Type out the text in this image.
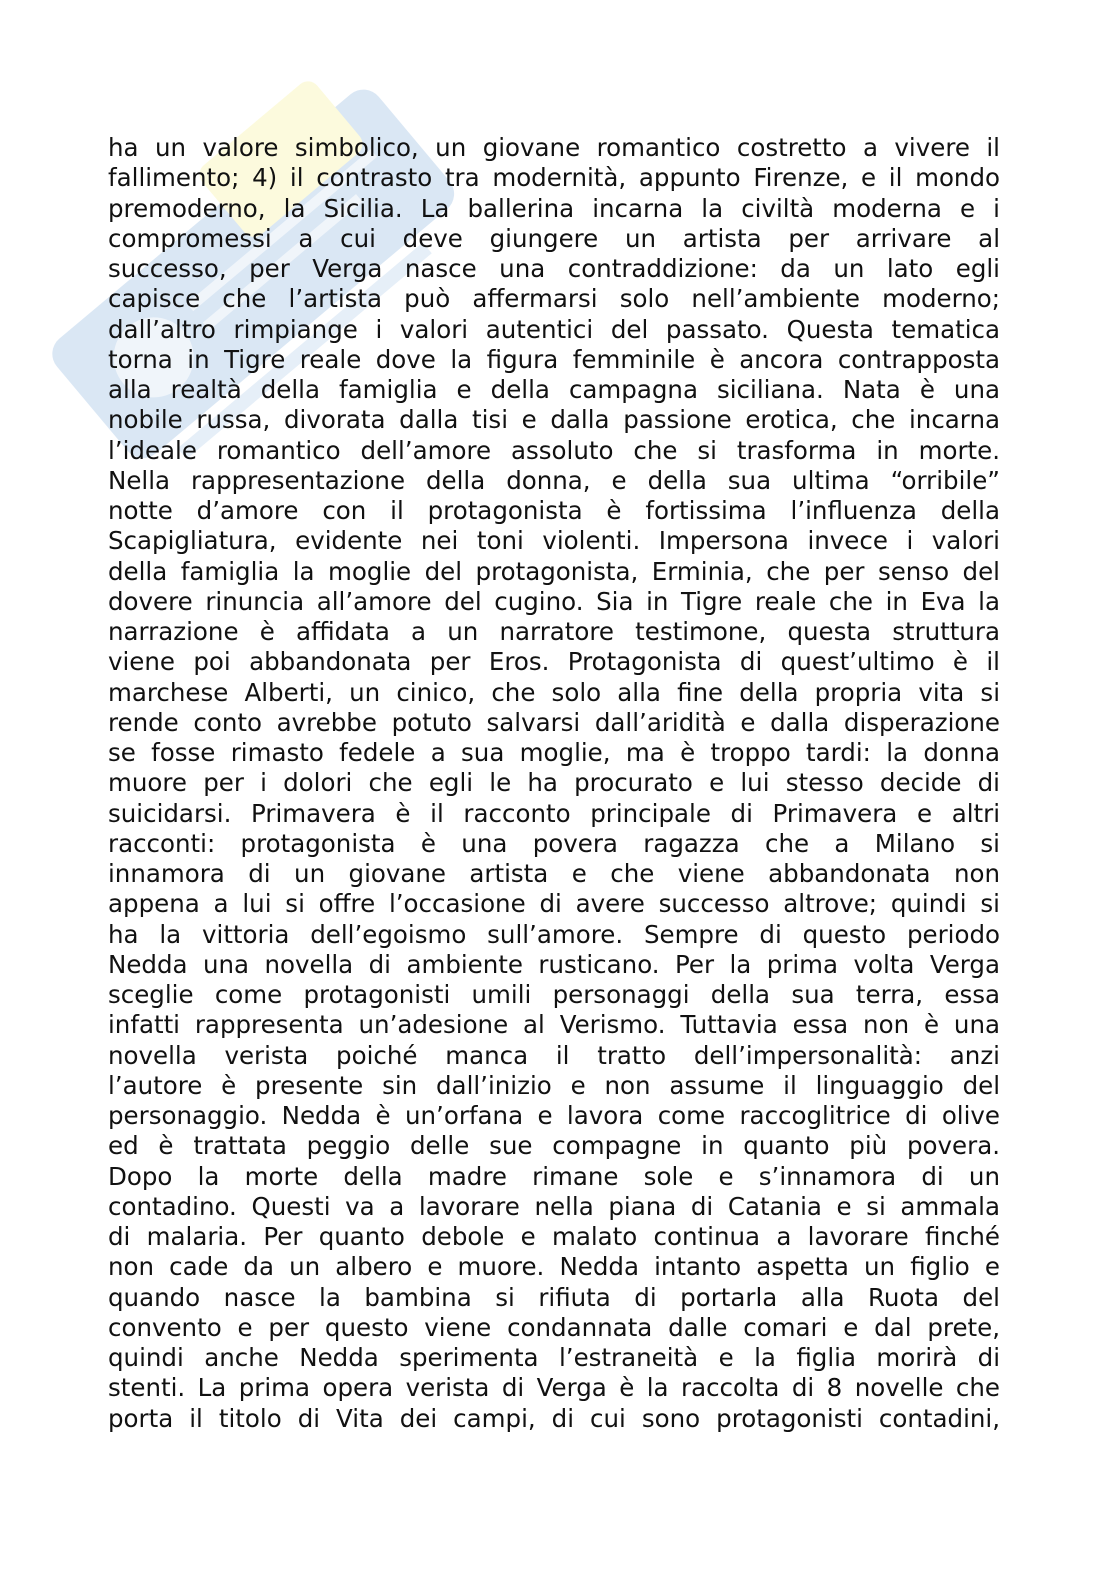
ha un valore simbolico, un giovane romantico costretto a vivere il
fallimento; 4) il contrasto tra modernità, appunto Firenze, e il mondo
premoderno, la Sicilia. La ballerina incarna la civiltà moderna e i
compromessi a cui deve giungere un artista per arrivare al
successo, per Verga nasce una contraddizione: da un lato egli
capisce che l’artista può affermarsi solo nell’ambiente moderno;
dall’altro rimpiange i valori autentici del passato. Questa tematica
torna in Tigre reale dove la figura femminile è ancora contrapposta
alla realtà della famiglia e della campagna siciliana. Nata è una
nobile russa, divorata dalla tisi e dalla passione erotica, che incarna
l’ideale romantico dell’amore assoluto che si trasforma in morte.
Nella rappresentazione della donna, e della sua ultima “orribile”
notte d’amore con il protagonista è fortissima l’influenza della
Scapigliatura, evidente nei toni violenti. Impersona invece i valori
della famiglia la moglie del protagonista, Erminia, che per senso del
dovere rinuncia all’amore del cugino. Sia in Tigre reale che in Eva la
narrazione è affidata a un narratore testimone, questa struttura
viene poi abbandonata per Eros. Protagonista di quest’ultimo è il
marchese Alberti, un cinico, che solo alla fine della propria vita si
rende conto avrebbe potuto salvarsi dall’aridità e dalla disperazione
se fosse rimasto fedele a sua moglie, ma è troppo tardi: la donna
muore per i dolori che egli le ha procurato e lui stesso decide di
suicidarsi. Primavera è il racconto principale di Primavera e altri
racconti: protagonista è una povera ragazza che a Milano si
innamora di un giovane artista e che viene abbandonata non
appena a lui si offre l’occasione di avere successo altrove; quindi si
ha la vittoria dell’egoismo sull’amore. Sempre di questo periodo
Nedda una novella di ambiente rusticano. Per la prima volta Verga
sceglie come protagonisti umili personaggi della sua terra, essa
infatti rappresenta un’adesione al Verismo. Tuttavia essa non è una
novella verista poiché manca il tratto dell’impersonalità: anzi
l’autore è presente sin dall’inizio e non assume il linguaggio del
personaggio. Nedda è un’orfana e lavora come raccoglitrice di olive
ed è trattata peggio delle sue compagne in quanto più povera.
Dopo la morte della madre rimane sole e s’innamora di un
contadino. Questi va a lavorare nella piana di Catania e si ammala
di malaria. Per quanto debole e malato continua a lavorare finché
non cade da un albero e muore. Nedda intanto aspetta un figlio e
quando nasce la bambina si rifiuta di portarla alla Ruota del
convento e per questo viene condannata dalle comari e dal prete,
quindi anche Nedda sperimenta l’estraneità e la figlia morirà di
stenti. La prima opera verista di Verga è la raccolta di 8 novelle che
porta il titolo di Vita dei campi, di cui sono protagonisti contadini,
